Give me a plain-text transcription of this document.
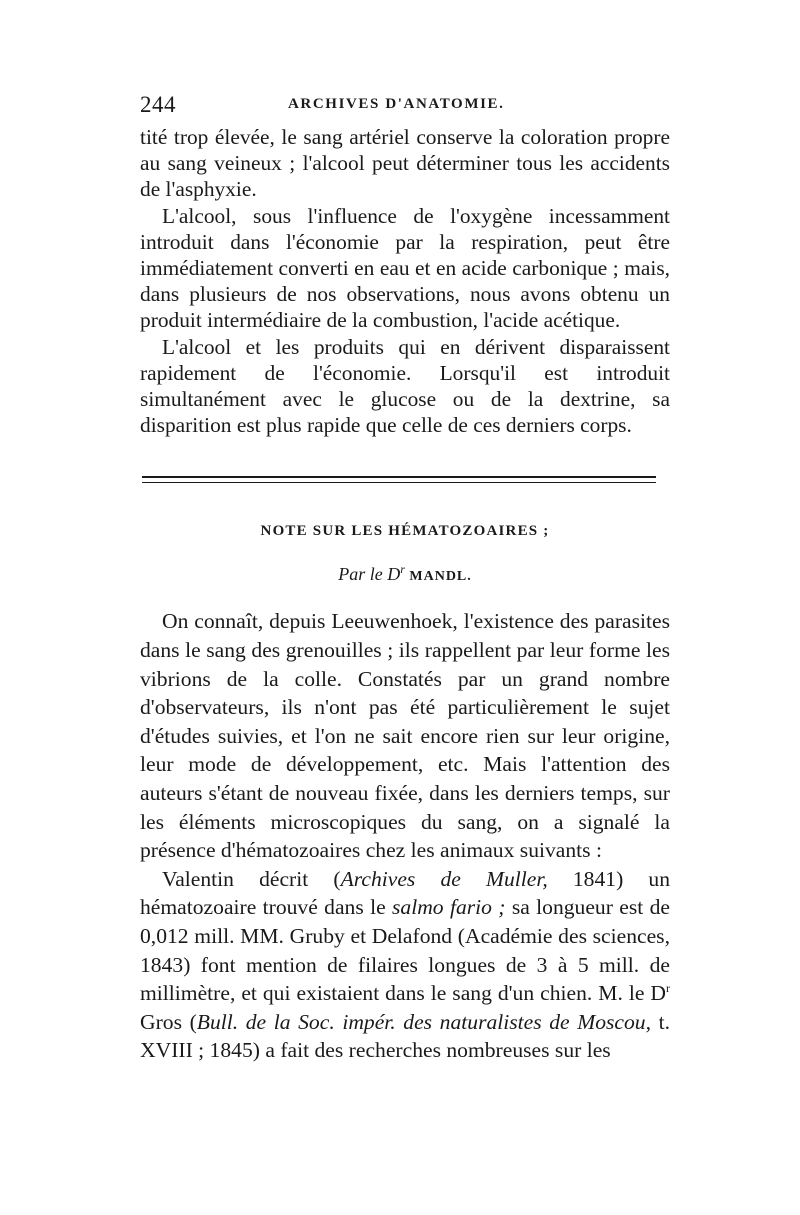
244	ARCHIVES D'ANATOMIE.

tité trop élevée, le sang artériel conserve la coloration propre au sang veineux ; l'alcool peut déterminer tous les accidents de l'asphyxie.

L'alcool, sous l'influence de l'oxygène incessamment introduit dans l'économie par la respiration, peut être immédiatement converti en eau et en acide carbonique ; mais, dans plusieurs de nos observations, nous avons obtenu un produit intermédiaire de la combustion, l'acide acétique.

L'alcool et les produits qui en dérivent disparaissent rapidement de l'économie. Lorsqu'il est introduit simultanément avec le glucose ou de la dextrine, sa disparition est plus rapide que celle de ces derniers corps.

NOTE SUR LES HÉMATOZOAIRES ;
Par le $D^r$ MANDL.

On connaît, depuis Leeuwenhoek, l'existence des parasites dans le sang des grenouilles ; ils rappellent par leur forme les vibrions de la colle. Constatés par un grand nombre d'observateurs, ils n'ont pas été particulièrement le sujet d'études suivies, et l'on ne sait encore rien sur leur origine, leur mode de développement, etc. Mais l'attention des auteurs s'étant de nouveau fixée, dans les derniers temps, sur les éléments microscopiques du sang, on a signalé la présence d'hématozoaires chez les animaux suivants :

Valentin décrit (Archives de Muller, 1841) un hématozoaire trouvé dans le salmo fario ; sa longueur est de 0,012 mill. MM. Gruby et Delafond (Académie des sciences, 1843) font mention de filaires longues de 3 à 5 mill. de millimètre, et qui existaient dans le sang d'un chien. M. le $D^r$ Gros (Bull. de la Soc. impér. des naturalistes de Moscou, t. XVIII ; 1845) a fait des recherches nombreuses sur les
